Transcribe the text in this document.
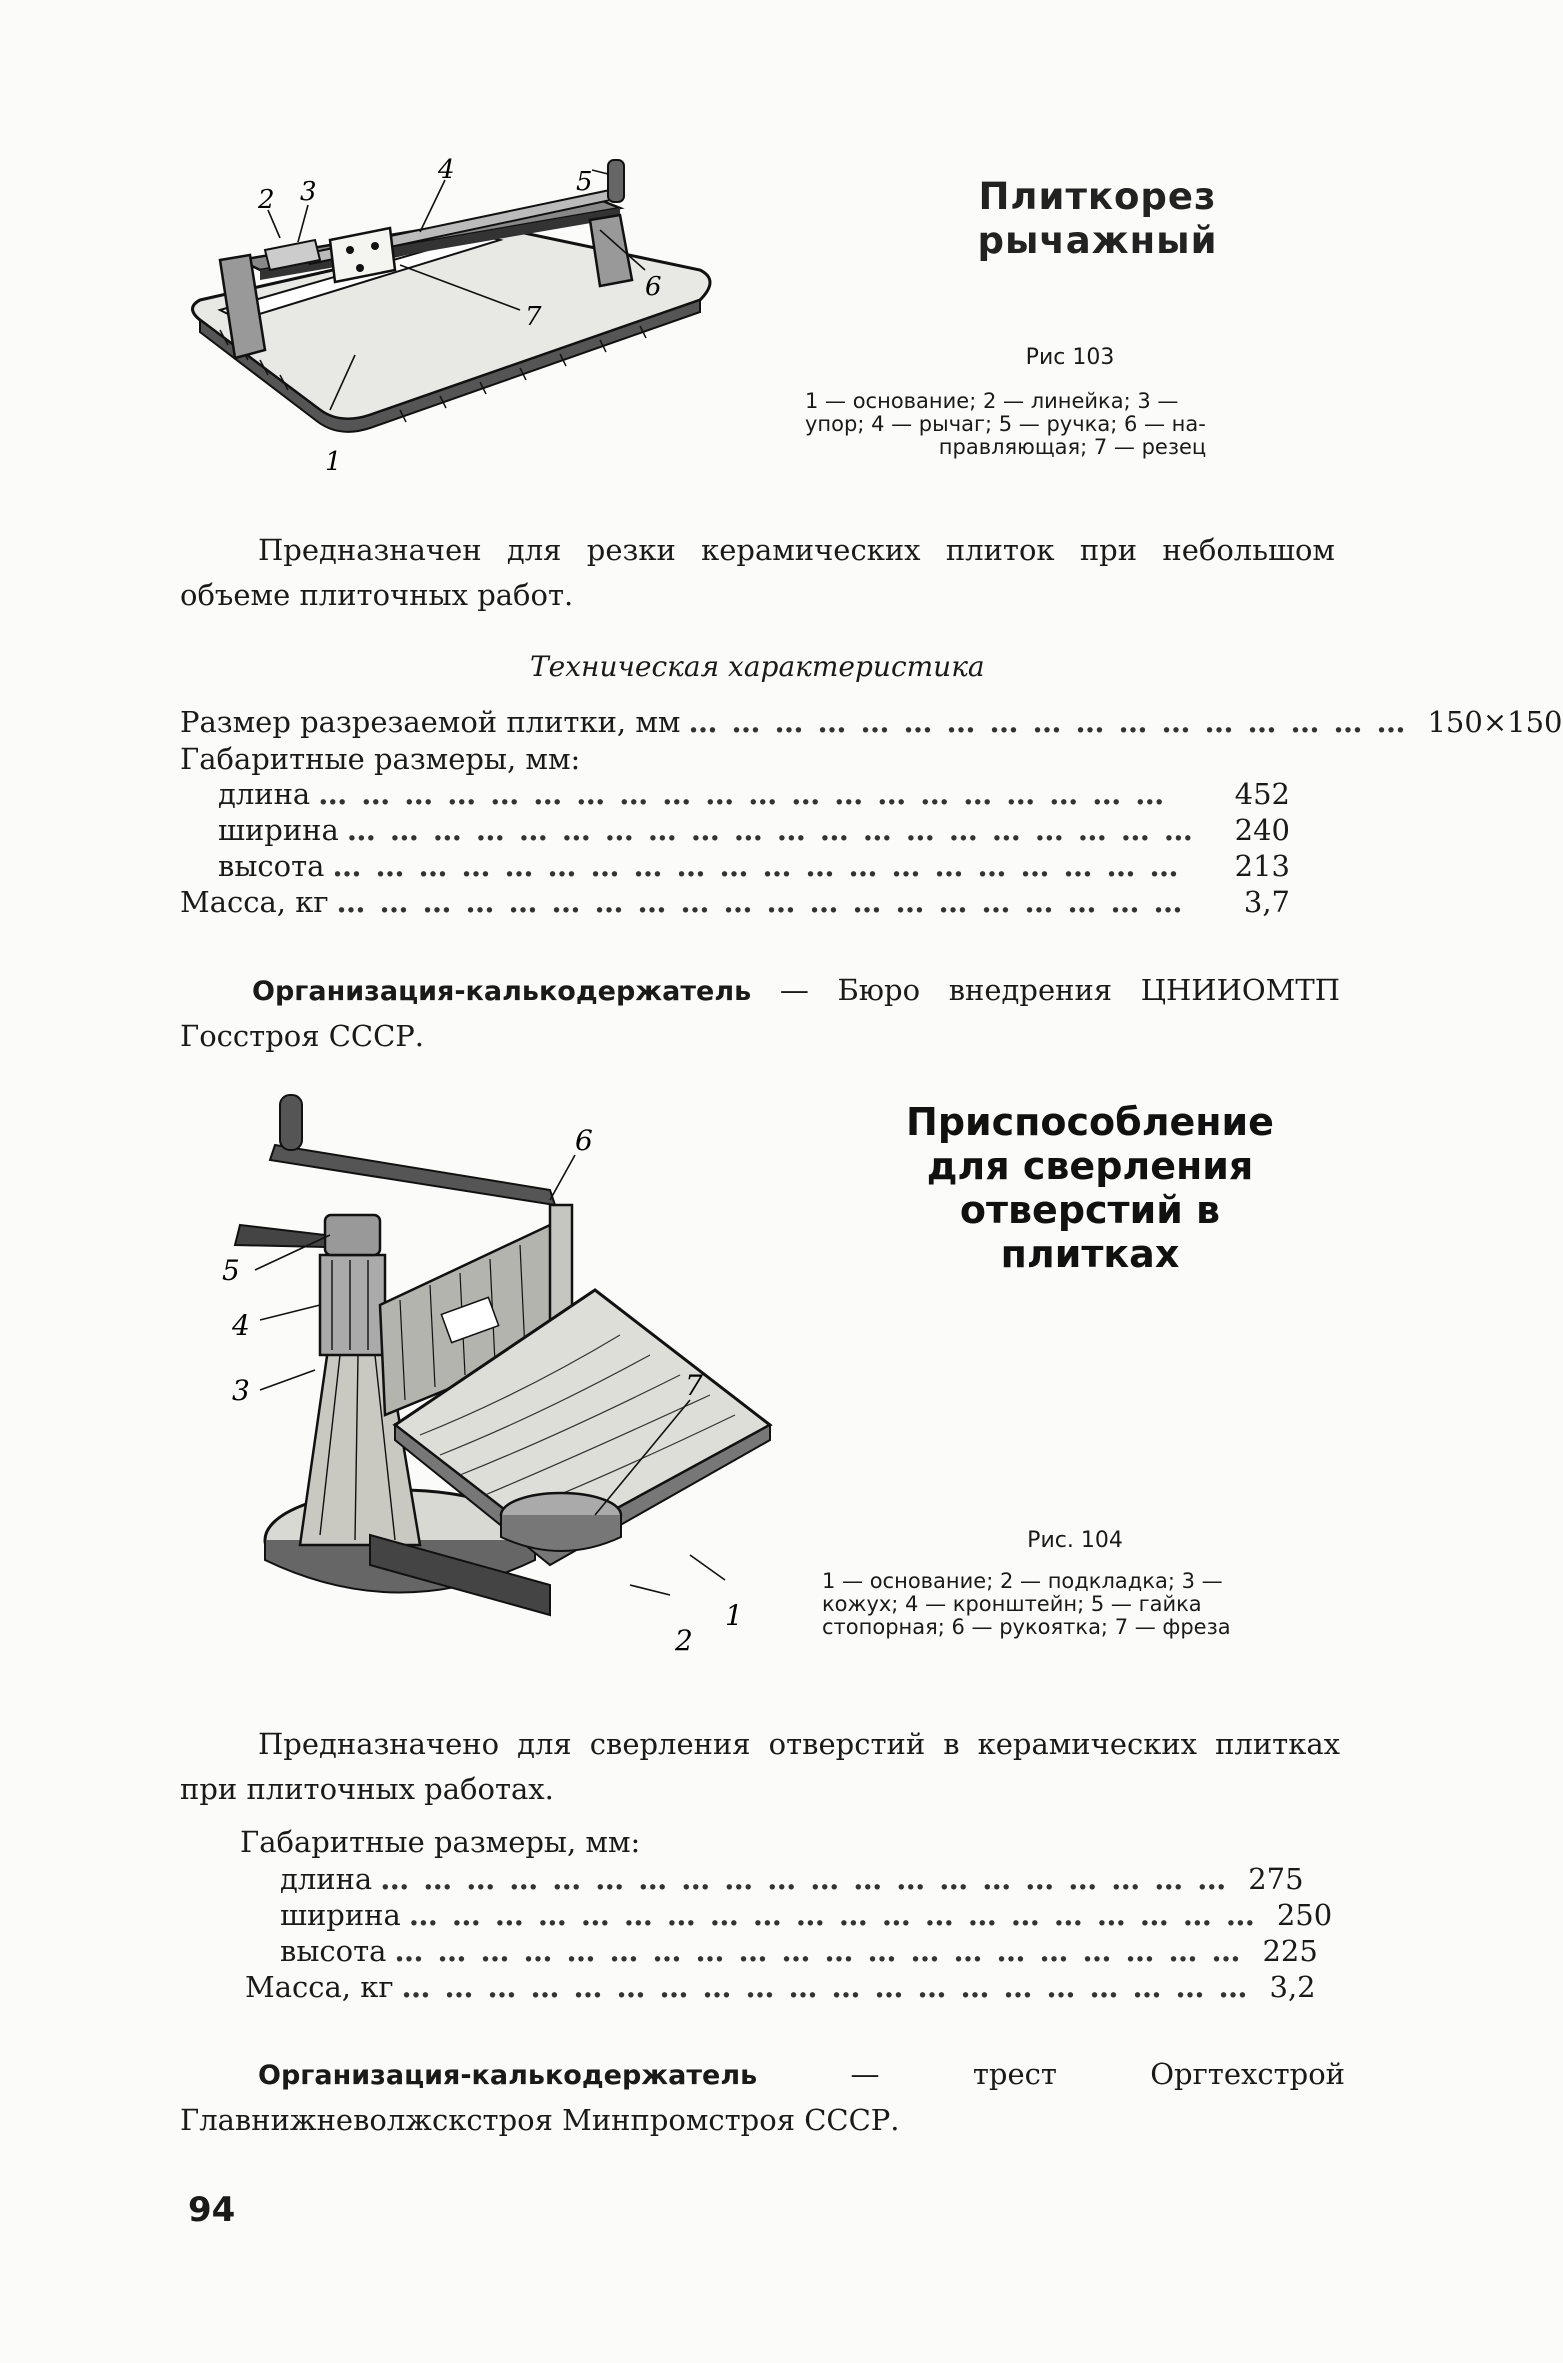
2 3
4	5
6
7
1
Плиткорез рычажный
Рис 103
1 — основание; 2 — линейка; 3 —
упор; 4 — рычаг; 5 — ручка; 6 — на-
правляющая; 7 — резец
Предназначен для резки керамических плиток при небольшом объеме плиточных работ.
Техническая характеристика
Размер разрезаемой плитки, мм …………………………………………… 150×150
Габаритные размеры, мм:
длина ……………………………………………………	452
ширина …………………………………………………… 240
высота ……………………………………………………	213
Масса, кг ……………………………………………………	3,7
Организация-калькодержатель — Бюро внедрения ЦНИИОМТП Госстроя СССР.
6
5
4
3	7
1
2
Приспособление для сверления отверстий в плитках
Рис. 104
1 — основание; 2 — подкладка; 3 —
кожух; 4 — кронштейн; 5 — гайка
стопорная; 6 — рукоятка; 7 — фреза
Предназначено для сверления отверстий в керамических плитках при плиточных работах.
Габаритные размеры, мм:
длина …………………………………………………… 275
ширина …………………………………………………… 250
высота …………………………………………………… 225
Масса, кг …………………………………………………… 3,2
Организация-калькодержатель	— трест Оргтехстрой Главнижневолжскстроя Минпромстроя СССР.
94
